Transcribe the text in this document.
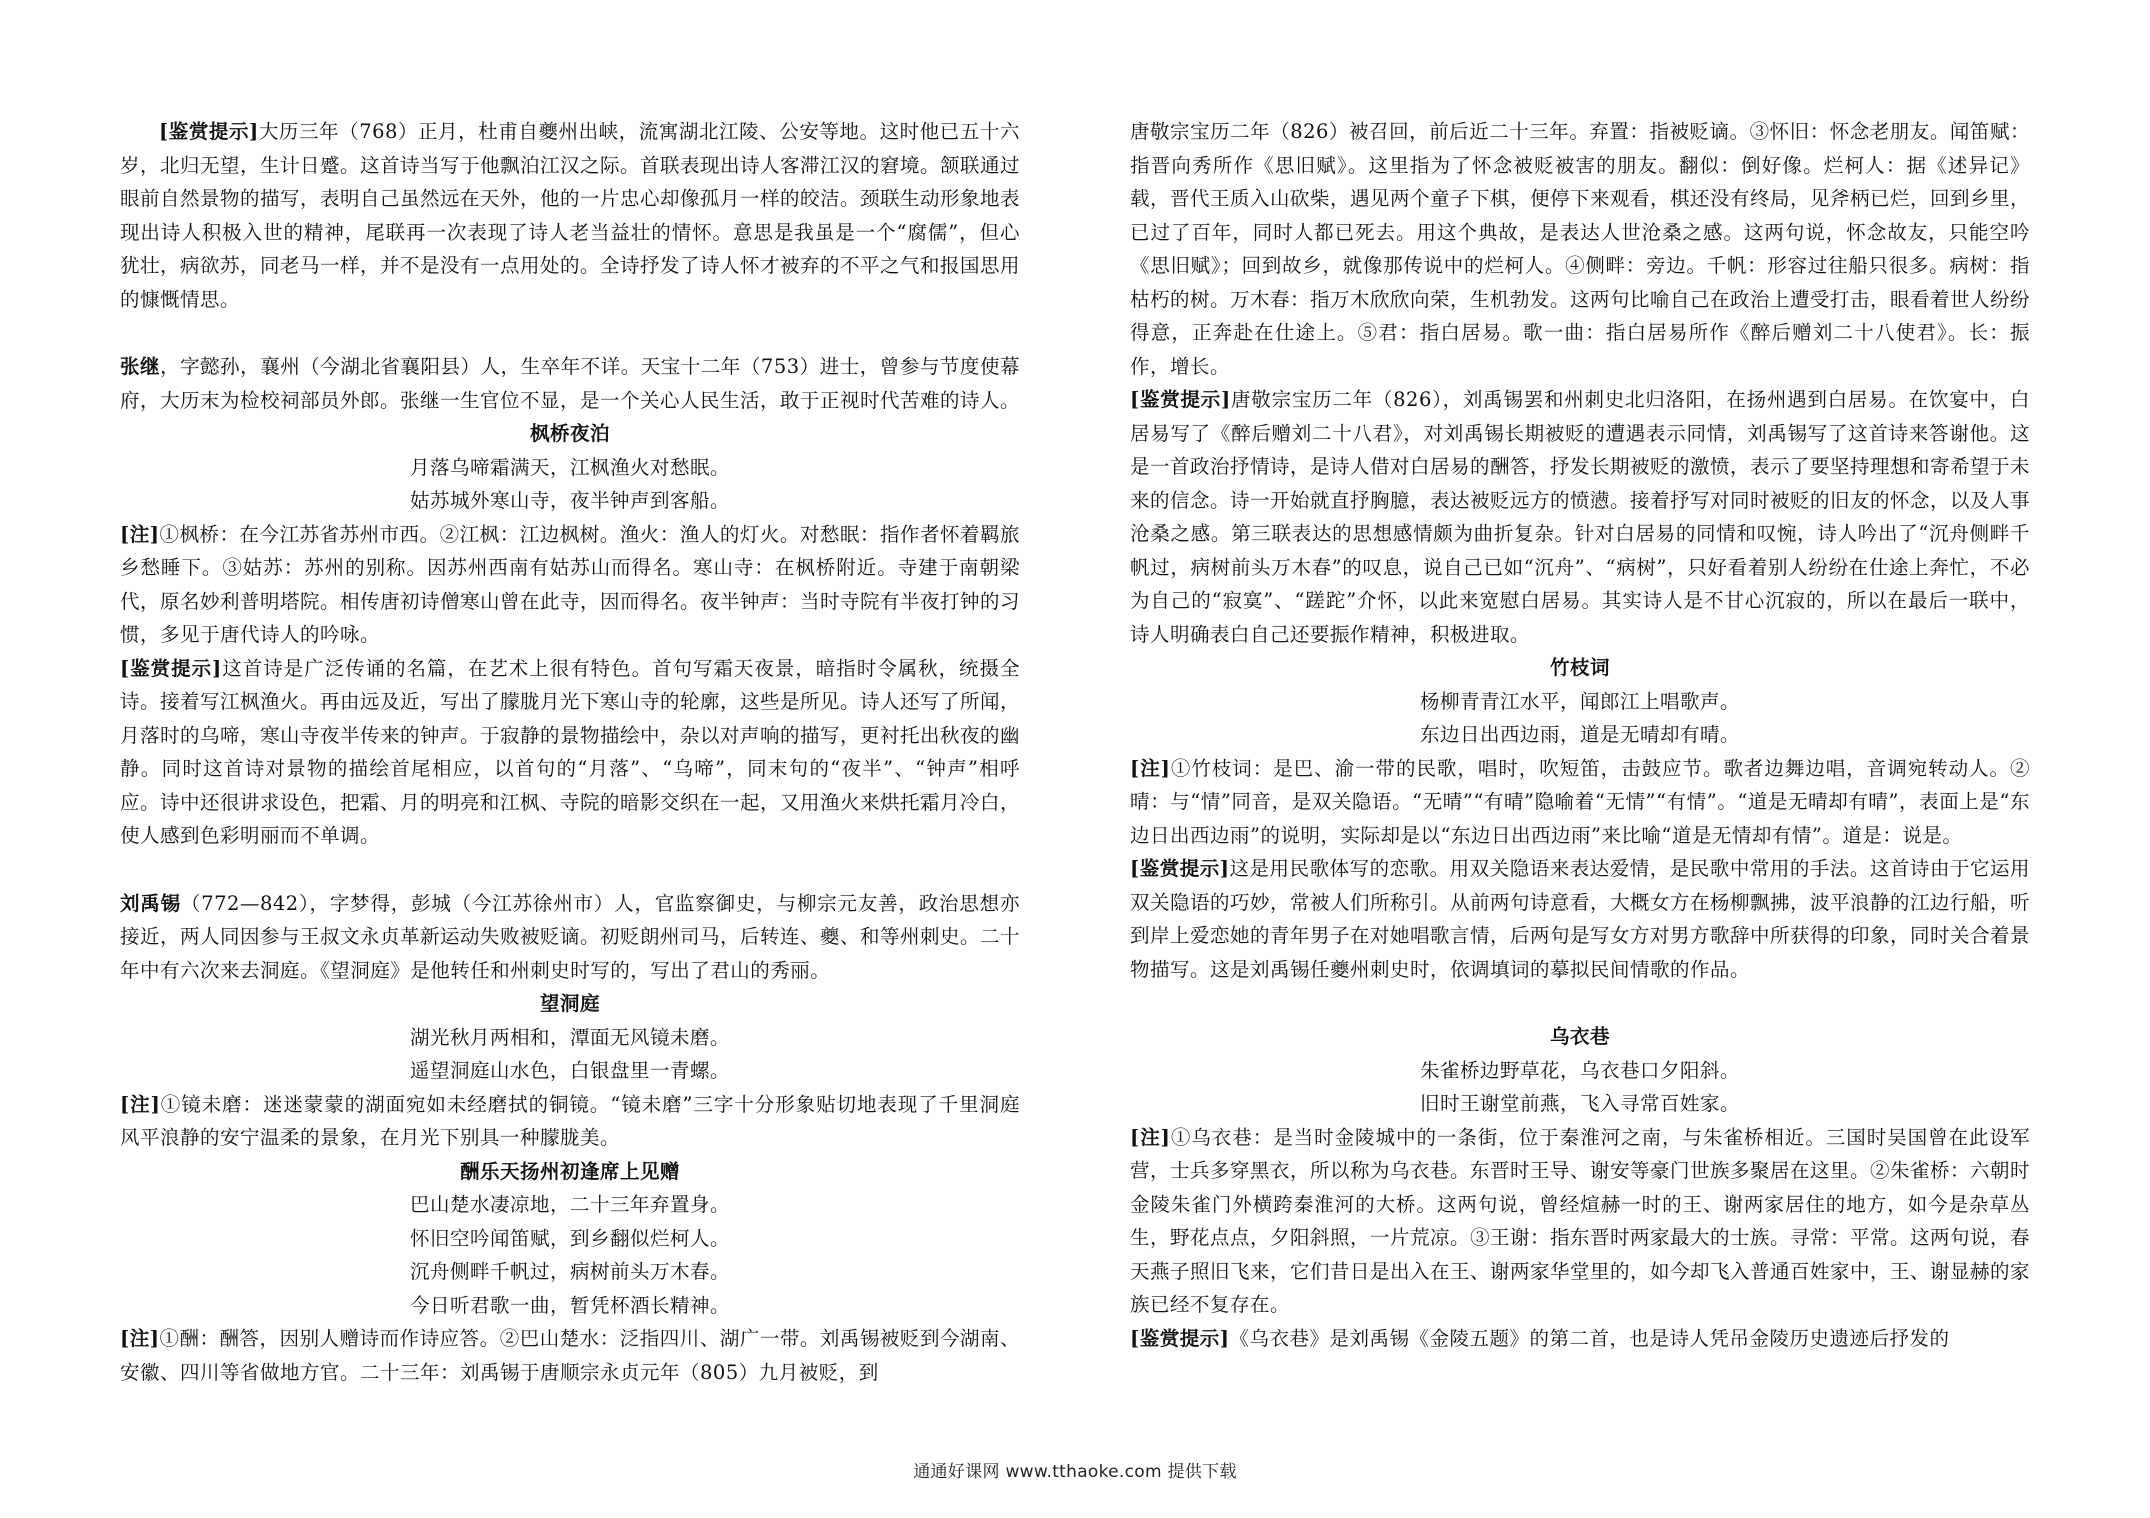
[鉴赏提示]大历三年（768）正月，杜甫自夔州出峡，流寓湖北江陵、公安等地。这时他已五十六岁，北归无望，生计日蹙。这首诗当写于他飘泊江汉之际。首联表现出诗人客滞江汉的窘境。颔联通过眼前自然景物的描写，表明自己虽然远在天外，他的一片忠心却像孤月一样的皎洁。颈联生动形象地表现出诗人积极入世的精神，尾联再一次表现了诗人老当益壮的情怀。意思是我虽是一个“腐儒”，但心犹壮，病欲苏，同老马一样，并不是没有一点用处的。全诗抒发了诗人怀才被弃的不平之气和报国思用的慷慨情思。

张继，字懿孙，襄州（今湖北省襄阳县）人，生卒年不详。天宝十二年（753）进士，曾参与节度使幕府，大历末为检校祠部员外郎。张继一生官位不显，是一个关心人民生活，敢于正视时代苦难的诗人。

枫桥夜泊

月落乌啼霜满天，江枫渔火对愁眠。

姑苏城外寒山寺，夜半钟声到客船。

[注]①枫桥：在今江苏省苏州市西。②江枫：江边枫树。渔火：渔人的灯火。对愁眠：指作者怀着羁旅乡愁睡下。③姑苏：苏州的别称。因苏州西南有姑苏山而得名。寒山寺：在枫桥附近。寺建于南朝梁代，原名妙利普明塔院。相传唐初诗僧寒山曾在此寺，因而得名。夜半钟声：当时寺院有半夜打钟的习惯，多见于唐代诗人的吟咏。

[鉴赏提示]这首诗是广泛传诵的名篇，在艺术上很有特色。首句写霜天夜景，暗指时令属秋，统摄全诗。接着写江枫渔火。再由远及近，写出了朦胧月光下寒山寺的轮廓，这些是所见。诗人还写了所闻，月落时的乌啼，寒山寺夜半传来的钟声。于寂静的景物描绘中，杂以对声响的描写，更衬托出秋夜的幽静。同时这首诗对景物的描绘首尾相应，以首句的“月落”、“乌啼”，同末句的“夜半”、“钟声”相呼应。诗中还很讲求设色，把霜、月的明亮和江枫、寺院的暗影交织在一起，又用渔火来烘托霜月冷白，使人感到色彩明丽而不单调。

刘禹锡（772—842），字梦得，彭城（今江苏徐州市）人，官监察御史，与柳宗元友善，政治思想亦接近，两人同因参与王叔文永贞革新运动失败被贬谪。初贬朗州司马，后转连、夔、和等州刺史。二十年中有六次来去洞庭。《望洞庭》是他转任和州刺史时写的，写出了君山的秀丽。

望洞庭

湖光秋月两相和，潭面无风镜未磨。

遥望洞庭山水色，白银盘里一青螺。

[注]①镜未磨：迷迷蒙蒙的湖面宛如未经磨拭的铜镜。“镜未磨”三字十分形象贴切地表现了千里洞庭风平浪静的安宁温柔的景象，在月光下别具一种朦胧美。

酬乐天扬州初逢席上见赠

巴山楚水凄凉地，二十三年弃置身。

怀旧空吟闻笛赋，到乡翻似烂柯人。

沉舟侧畔千帆过，病树前头万木春。

今日听君歌一曲，暂凭杯酒长精神。

[注]①酬：酬答，因别人赠诗而作诗应答。②巴山楚水：泛指四川、湖广一带。刘禹锡被贬到今湖南、安徽、四川等省做地方官。二十三年：刘禹锡于唐顺宗永贞元年（805）九月被贬，到

唐敬宗宝历二年（826）被召回，前后近二十三年。弃置：指被贬谪。③怀旧：怀念老朋友。闻笛赋：指晋向秀所作《思旧赋》。这里指为了怀念被贬被害的朋友。翻似：倒好像。烂柯人：据《述异记》载，晋代王质入山砍柴，遇见两个童子下棋，便停下来观看，棋还没有终局，见斧柄已烂，回到乡里，已过了百年，同时人都已死去。用这个典故，是表达人世沧桑之感。这两句说，怀念故友，只能空吟《思旧赋》；回到故乡，就像那传说中的烂柯人。④侧畔：旁边。千帆：形容过往船只很多。病树：指枯朽的树。万木春：指万木欣欣向荣，生机勃发。这两句比喻自己在政治上遭受打击，眼看着世人纷纷得意，正奔赴在仕途上。⑤君：指白居易。歌一曲：指白居易所作《醉后赠刘二十八使君》。长：振作，增长。

[鉴赏提示]唐敬宗宝历二年（826），刘禹锡罢和州刺史北归洛阳，在扬州遇到白居易。在饮宴中，白居易写了《醉后赠刘二十八君》，对刘禹锡长期被贬的遭遇表示同情，刘禹锡写了这首诗来答谢他。这是一首政治抒情诗，是诗人借对白居易的酬答，抒发长期被贬的激愤，表示了要坚持理想和寄希望于未来的信念。诗一开始就直抒胸臆，表达被贬远方的愤懑。接着抒写对同时被贬的旧友的怀念，以及人事沧桑之感。第三联表达的思想感情颇为曲折复杂。针对白居易的同情和叹惋，诗人吟出了“沉舟侧畔千帆过，病树前头万木春”的叹息，说自己已如“沉舟”、“病树”，只好看着别人纷纷在仕途上奔忙，不必为自己的“寂寞”、“蹉跎”介怀，以此来宽慰白居易。其实诗人是不甘心沉寂的，所以在最后一联中，诗人明确表白自己还要振作精神，积极进取。

竹枝词

杨柳青青江水平，闻郎江上唱歌声。

东边日出西边雨，道是无晴却有晴。

[注]①竹枝词：是巴、渝一带的民歌，唱时，吹短笛，击鼓应节。歌者边舞边唱，音调宛转动人。②晴：与“情”同音，是双关隐语。“无晴”“有晴”隐喻着“无情”“有情”。“道是无晴却有晴”，表面上是“东边日出西边雨”的说明，实际却是以“东边日出西边雨”来比喻“道是无情却有情”。道是：说是。

[鉴赏提示]这是用民歌体写的恋歌。用双关隐语来表达爱情，是民歌中常用的手法。这首诗由于它运用双关隐语的巧妙，常被人们所称引。从前两句诗意看，大概女方在杨柳飘拂，波平浪静的江边行船，听到岸上爱恋她的青年男子在对她唱歌言情，后两句是写女方对男方歌辞中所获得的印象，同时关合着景物描写。这是刘禹锡任夔州刺史时，依调填词的摹拟民间情歌的作品。

乌衣巷

朱雀桥边野草花，乌衣巷口夕阳斜。

旧时王谢堂前燕，飞入寻常百姓家。

[注]①乌衣巷：是当时金陵城中的一条街，位于秦淮河之南，与朱雀桥相近。三国时吴国曾在此设军营，士兵多穿黑衣，所以称为乌衣巷。东晋时王导、谢安等豪门世族多聚居在这里。②朱雀桥：六朝时金陵朱雀门外横跨秦淮河的大桥。这两句说，曾经煊赫一时的王、谢两家居住的地方，如今是杂草丛生，野花点点，夕阳斜照，一片荒凉。③王谢：指东晋时两家最大的士族。寻常：平常。这两句说，春天燕子照旧飞来，它们昔日是出入在王、谢两家华堂里的，如今却飞入普通百姓家中，王、谢显赫的家族已经不复存在。

[鉴赏提示]《乌衣巷》是刘禹锡《金陵五题》的第二首，也是诗人凭吊金陵历史遗迹后抒发的

通通好课网 www.tthaoke.com 提供下载
